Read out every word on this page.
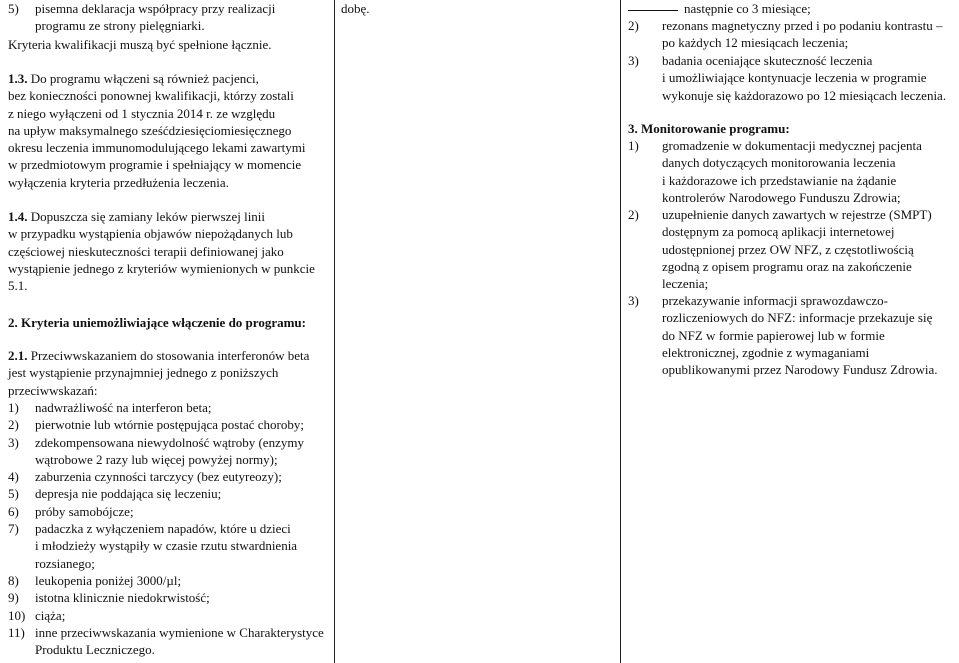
5)	pisemna deklaracja współpracy przy realizacji

programu ze strony pielęgniarki.

Kryteria kwalifikacji muszą być spełnione łącznie.

1.3. Do programu włączeni są również pacjenci,

bez konieczności ponownej kwalifikacji, którzy zostali

z niego wyłączeni od 1 stycznia 2014 r. ze względu

na upływ maksymalnego sześćdziesięciomiesięcznego

okresu leczenia immunomodulującego lekami zawartymi

w przedmiotowym programie i spełniający w momencie

wyłączenia kryteria przedłużenia leczenia.

1.4. Dopuszcza się zamiany leków pierwszej linii

w przypadku wystąpienia objawów niepożądanych lub

częściowej nieskuteczności terapii definiowanej jako

wystąpienie jednego z kryteriów wymienionych w punkcie

5.1.

2. Kryteria uniemożliwiające włączenie do programu:

2.1. Przeciwwskazaniem do stosowania interferonów beta

jest wystąpienie przynajmniej jednego z poniższych

przeciwwskazań:

1)	nadwrażliwość na interferon beta;

2)	pierwotnie lub wtórnie postępująca postać choroby;

3)	zdekompensowana niewydolność wątroby (enzymy

wątrobowe 2 razy lub więcej powyżej normy);

4)	zaburzenia czynności tarczycy (bez eutyreozy);

5)	depresja nie poddająca się leczeniu;

6)	próby samobójcze;

7)	padaczka z wyłączeniem napadów, które u dzieci

i młodzieży wystąpiły w czasie rzutu stwardnienia

rozsianego;

8)	leukopenia poniżej 3000/µl;

9)	istotna klinicznie niedokrwistość;

10) ciąża;

11) inne przeciwwskazania wymienione w Charakterystyce

Produktu Leczniczego.

dobę.	następnie co 3 miesiące;

2)	rezonans magnetyczny przed i po podaniu kontrastu –

po każdych 12 miesiącach leczenia;

3)	badania oceniające skuteczność leczenia

i umożliwiające kontynuacje leczenia w programie

wykonuje się każdorazowo po 12 miesiącach leczenia.

3. Monitorowanie programu:

1)	gromadzenie w dokumentacji medycznej pacjenta

danych dotyczących monitorowania leczenia

i każdorazowe ich przedstawianie na żądanie

kontrolerów Narodowego Funduszu Zdrowia;

2)	uzupełnienie danych zawartych w rejestrze (SMPT)

dostępnym za pomocą aplikacji internetowej

udostępnionej przez OW NFZ, z częstotliwością

zgodną z opisem programu oraz na zakończenie

leczenia;

3)	przekazywanie informacji sprawozdawczo-

rozliczeniowych do NFZ: informacje przekazuje się

do NFZ w formie papierowej lub w formie

elektronicznej, zgodnie z wymaganiami

opublikowanymi przez Narodowy Fundusz Zdrowia.
